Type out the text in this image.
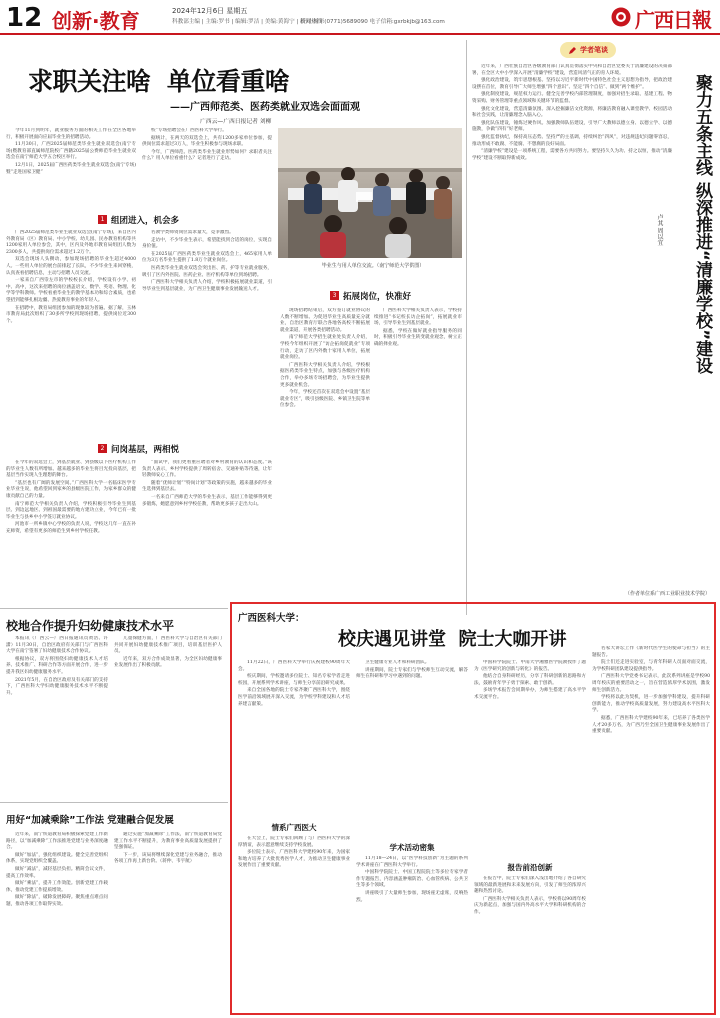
12 创新·教育	2024年12月6日 星期五
科教部主编 | 主编:罗书 | 编辑:罗洁 | 美编:黄海宁 | 校对:杨平
新闻热线:(0771)5689090 电子信箱:gxrbkjb@163.com	广西日報
求职关注啥  单位看重啥
——广西师范类、医药类就业双选会面面观
广西云—广西日报记者 刘柳

今年11月到明年，就业服务方面的相关工作在全区各地举行，积极开展面向应届毕业生的招聘活动。

11月30日，广西2025届师范类毕业生就业双选会(南宁专场)暨教育部直属师范院校广西籍2025届公费师范毕业生就业双选会在南宁师范大学五合校区举行。

12月1日，2025届广西医药类毕业生就业双选会(南宁专场)暨“走进国家卫健”

校”专场招聘会在广西医科大学举行。

据统计，在两天的双选会上，共有1200多家单位参加，提供岗位需求超过3万人，毕业生积极参与现场求职。

今年，广西师范、医药类毕业生就业形势如何？求职者关注什么？用人单位看重什么？记者进行了走访。

毕业生与用人单位交流。（南宁师范大学供图）
1 组团进入，机会多

广西2025届师范类毕业生就业双选会(南宁专场)，来自区内外教育局（区）教育局、中小学校、幼儿园、民办教育机构等共1200家用人单位参会，其中，区内及外地市教育局组团人数为2300多人，共提供岗位需求超过1.2万个。

双选会现场人头攒动，参加现场招聘的毕业生超过4000人。一些用人单位的展台前排起了长队，不少毕业生来回穿梭，认真查看招聘信息，主动与招聘人员交流。

一家来自广西崇左市的学校校长介绍，学校设有小学、初中、高中，这次来招聘的岗位涵盖语文、数学、英语、物理、化学等学科教师。学校看重毕业生的教学基本功和综合素质，也希望招到能够扎根边疆、热爱教育事业的年轻人。

在招聘中，教育局组团参加的现象较为普遍。据了解，玉林市教育局此次组织了30多所学校到现场招聘，提供岗位近300个。

名教学类师资岗位需求量大，竞争激烈。

走访中，不少毕业生表示，希望能找到合适的岗位，实现自身价值。

在2025届广西医药类毕业生就业双选会上，465家用人单位为3万名毕业生提供了1.8万个就业岗位。

医药类毕业生就业双选会突出医、药、护等专业就业服务，吸引了区内外医院、医药企业、医疗机构等单位到场招聘。

广西医科大学相关负责人介绍，学校积极拓展就业渠道，引导毕业生到基层就业，为广西卫生健康事业发展输送人才。

2 问岗基层，两相悦

在今年的双选会上，到基层就业、到县级以下医疗机构工作的毕业生人数有所增加。越来越多的毕业生将目光投向基层，把基层当作实现人生理想的舞台。

“基层也有广阔的发展空间。”广西医科大学一名临床医学专业毕业生说，他希望回到家乡的县级医院工作，为家乡群众的健康贡献自己的力量。

南宁师范大学相关负责人介绍，学校积极引导毕业生到基层、到边远地区、到祖国最需要的地方建功立业，今年已有一批毕业生与县乡中小学签订就业协议。

河池市一所乡镇中心学校的负责人说，学校这几年一直在补充师资，希望有更多的师范生到乡村学校任教。

“面试中，我们更看重应聘者对乡村教育的认识和态度。”该负责人表示，乡村学校提供了周转宿舍、交通补贴等待遇，让年轻教师安心工作。

随着“优师计划”“特岗计划”等政策的实施，越来越多的毕业生选择到基层去。

一名来自广西师范大学的毕业生表示，基层工作能够得到更多锻炼，她愿意到乡村学校任教，帮助更多孩子走出大山。

3 拓展岗位，快准好

现场招聘结束后，双方签订就业协议的人数不断增加。为促进毕业生高质量充分就业，自治区教育厅联合各地各高校不断拓展就业渠道，开展各类招聘活动。

南宁师范大学招生就业处负责人介绍，学校今年组织开展了“访企拓岗促就业”专项行动，走访了区内外数十家用人单位，拓展就业岗位。

广西医科大学相关负责人介绍，学校根据医药类毕业生特点，加强与各级医疗机构合作，举办多场专场招聘会，为毕业生提供更多就业机会。

今年，学校还首次在双选会中设置“基层就业专区”，吸引县级医院、乡镇卫生院等单位参会。

广西医科大学相关负责人表示，学校持续推进“书记校长访企拓岗”，拓展就业市场，引导毕业生到基层就业。

据悉，学校在做好就业指导服务的同时，积极引导毕业生转变就业观念，树立正确的择业观。

学者笔谈

近年来，广西壮族自治区各级教育部门认真贯彻落实中央和自治区党委关于清廉建设的决策部署，在全区大中小学深入开展“清廉学校”建设，营造风清气正的育人环境。

强化政治建设，筑牢思想根基。坚持以习近平新时代中国特色社会主义思想为指导，把政治建设摆在首位，教育引导广大师生增强“四个意识”、坚定“四个自信”、做到“两个维护”。

强化制度建设，规范权力运行。健全完善学校内部管理制度，加强对招生录取、基建工程、物资采购、财务管理等重点领域和关键环节的监督。

强化文化建设，营造清廉氛围。深入挖掘廉洁文化资源，将廉洁教育融入课堂教学、校园活动和社会实践，让清廉理念入脑入心。

强化队伍建设，锤炼过硬作风。加强教师队伍建设，引导广大教师以德立身、以德立学、以德施教，争做“四有”好老师。

强化监督执纪，保持高压态势。坚持严的主基调，持续纠治“四风”，对违规违纪问题零容忍，推动形成不敢腐、不能腐、不想腐的良好局面。

“清廉学校”建设是一项系统工程，需要各方共同努力。要坚持久久为功、持之以恒，推动“清廉学校”建设不断取得新成效。	聚力五条主线 纵深推进“清廉学校”建设
卢其 周以宜
（作者单位系广西工业职业技术学院）
校地合作提升妇幼健康技术水平

本报讯（广西云—广西日报通讯员黄浩、许潇）11月30日，自治区政府有关部门与广西医科大学在南宁签署了妇幼健康技术合作协议。

根据协议，双方将围绕妇幼健康技术人才培养、技术推广、科研合作等方面开展合作，进一步提升我区妇幼健康服务水平。

2021年5月，在自治区政府及有关部门的支持下，广西医科大学妇幼健康服务技术水平不断提升。

儿童保健方面，广西医科大学与自治区有关部门共同开展妇幼健康技术推广项目，培训基层医护人员。

近年来，双方合作成效显著，为全区妇幼健康事业发展作出了积极贡献。

用好“加减乘除”工作法 党建融合促发展

近年来，南宁铁道教育局积极探索党建工作新路径，以“加减乘除”工作法推进党建与业务深度融合。

做好“加法”，强化组织建设。健全完善党组织体系，实现党组织全覆盖。

做好“减法”，减轻基层负担。精简会议文件，提高工作效率。

做好“乘法”，提升工作效能。创新党建工作载体，推动党建工作提质增效。

做好“除法”，破除发展障碍。聚焦重点难点问题，推动各项工作取得实效。

通过实施“加减乘除”工作法，南宁铁道教育局党建工作水平不断提升，为教育事业高质量发展提供了坚强保证。

下一步，该局将继续深化党建与业务融合，推动各项工作再上新台阶。（蒋仲、韦宇航）

广西医科大学：
校庆遇见讲堂  院士大咖开讲

11月22日，广西医科大学举行庆祝建校90周年大会。

校庆期间，学校邀请多位院士、知名专家学者走进校园，开展系列学术讲座，与师生分享前沿研究成果。

来自全国各地的院士专家齐聚广西医科大学，围绕医学前沿领域展开深入交流，为学校学科建设和人才培养建言献策。

情系广西医大

在大会上，院士专家们回顾了与广西医科大学的深厚情谊，表示愿意继续支持学校发展。

多位院士表示，广西医科大学建校90年来，为国家和地方培养了大批优秀医学人才，为推动卫生健康事业发展作出了重要贡献。

卫生健康专业人才和科研团队。

讲座期间，院士专家们与学校师生互动交流，解答师生在科研和学习中遇到的问题。

学术活动密集

11月18—24日，以“医学科技创新”为主题的系列学术讲座在广西医科大学举行。

中国科学院院士、中国工程院院士等多位专家学者作专题报告，内容涵盖肿瘤防治、心血管疾病、公共卫生等多个领域。

讲座吸引了大量师生参加，现场座无虚席，反响热烈。

中国科学院院士、中南大学湘雅医学院教授作了题为《医学研究的创新与转化》的报告。

他结合自身科研经历，分享了科研创新的思路和方法，鼓励青年学子勇于探索、敢于创新。

多场学术报告会同期举办，为师生搭建了高水平学术交流平台。

报告前沿创新

在报告中，院士专家们深入浅出地介绍了各自研究领域的最新进展和未来发展方向，引发了师生的浓厚兴趣和热烈讨论。

广西医科大学相关负责人表示，学校将以90周年校庆为新起点，加强与国内外高水平大学和科研机构的合作。

名家大讲坛上作《新时代医学生的使命与担当》的主题报告。

院士们还走进实验室，与青年科研人员面对面交流，为学校科研团队建设提供指导。

广西医科大学党委书记表示，此次系列讲座是学校90周年校庆的重要活动之一，旨在营造浓厚学术氛围，激发师生创新活力。

学校将以此为契机，进一步加强学科建设，提升科研创新能力，推动学校高质量发展，努力建设高水平医科大学。

据悉，广西医科大学建校90年来，已培养了各类医学人才20多万名，为广西乃至全国卫生健康事业发展作出了重要贡献。
